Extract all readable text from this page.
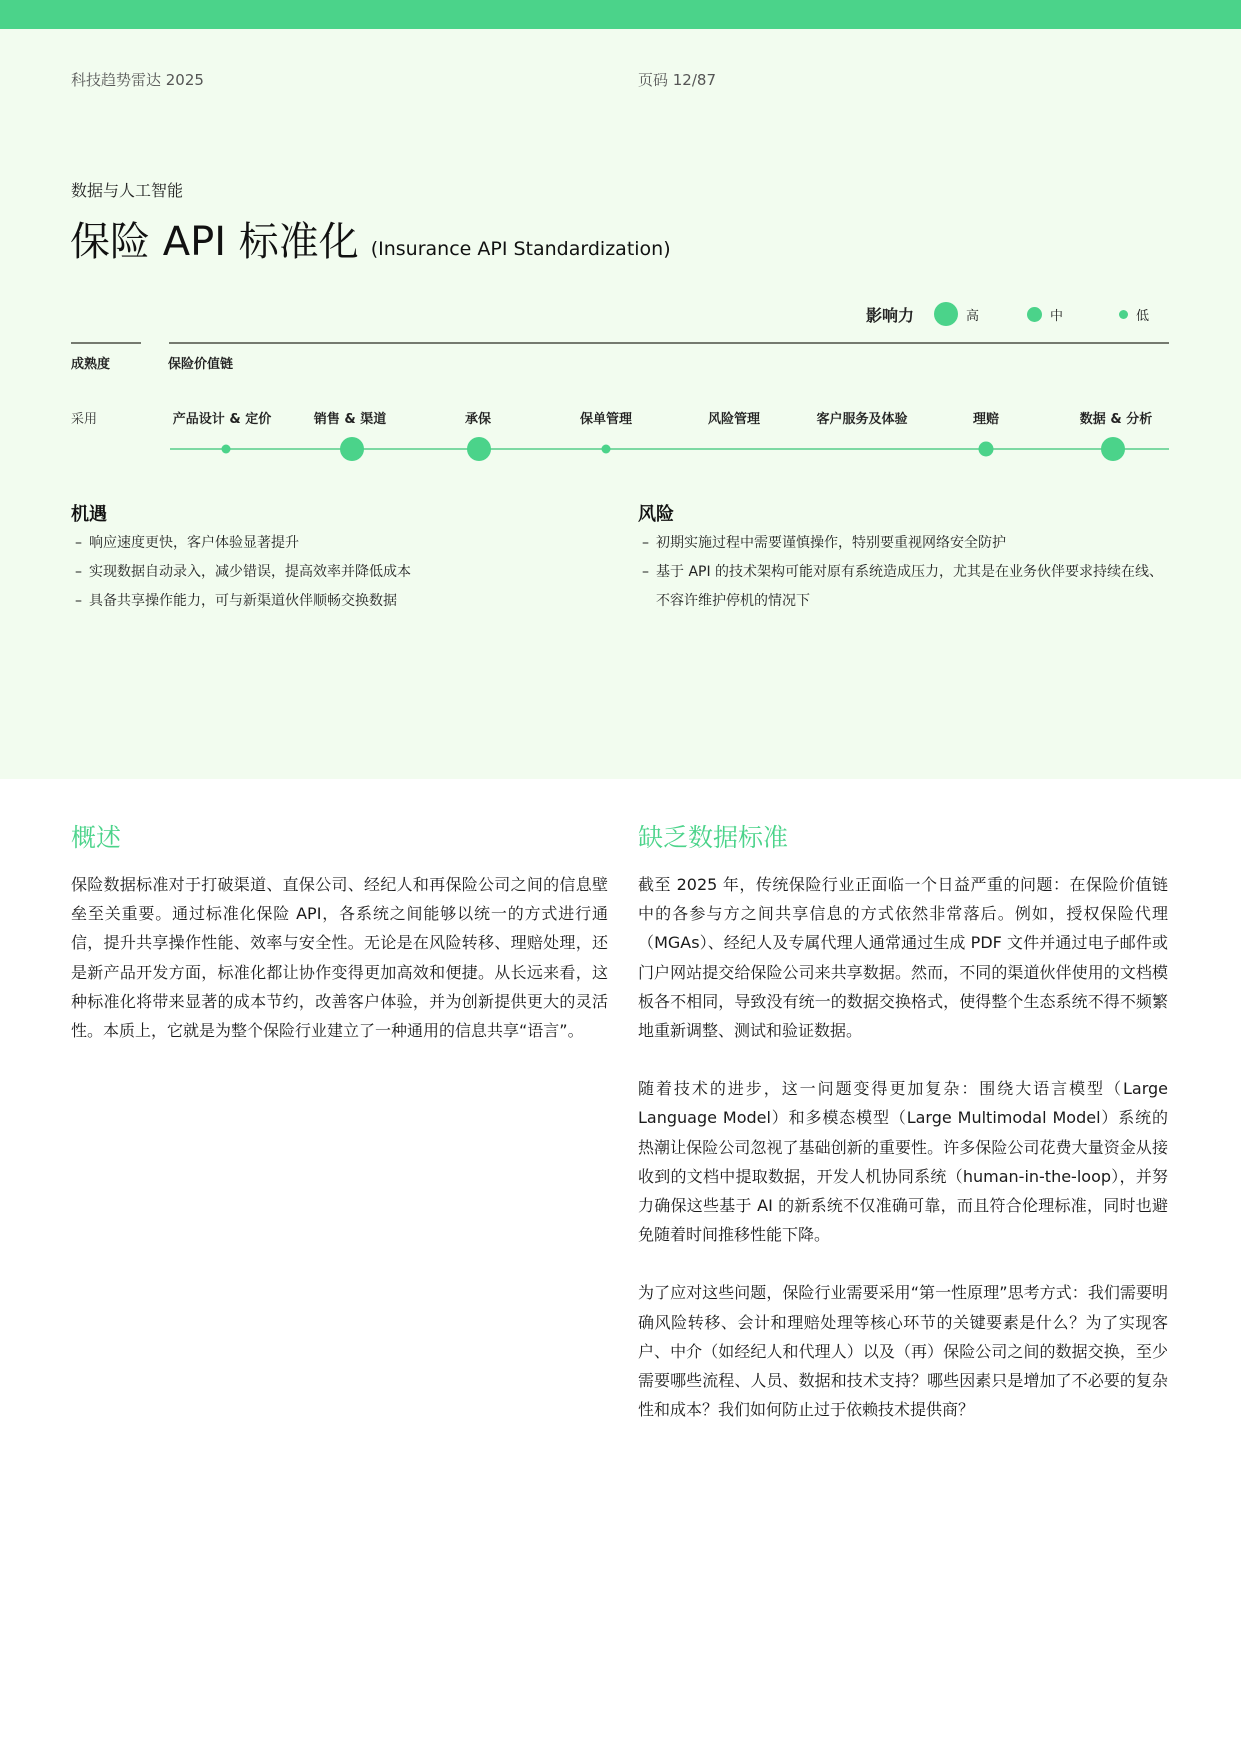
科技趋势雷达 2025	页码 12/87
数据与人工智能
保险 API 标准化 (Insurance API Standardization)
影响力	高	中	低
成熟度	保险价值链
采用	产品设计 & 定价	销售 & 渠道	承保	保单管理	风险管理	客户服务及体验	理赔	数据 & 分析
机遇
– 响应速度更快，客户体验显著提升
– 实现数据自动录入，减少错误，提高效率并降低成本
– 具备共享操作能力，可与新渠道伙伴顺畅交换数据
风险
– 初期实施过程中需要谨慎操作，特别要重视网络安全防护
– 基于 API 的技术架构可能对原有系统造成压力，尤其是在业务伙伴要求持续在线、不容许维护停机的情况下
概述

保险数据标准对于打破渠道、直保公司、经纪人和再保险公司之间的信息壁垒至关重要。通过标准化保险 API，各系统之间能够以统一的方式进行通信，提升共享操作性能、效率与安全性。无论是在风险转移、理赔处理，还是新产品开发方面，标准化都让协作变得更加高效和便捷。从长远来看，这种标准化将带来显著的成本节约，改善客户体验，并为创新提供更大的灵活性。本质上，它就是为整个保险行业建立了一种通用的信息共享“语言”。

缺乏数据标准

截至 2025 年，传统保险行业正面临一个日益严重的问题：在保险价值链中的各参与方之间共享信息的方式依然非常落后。例如，授权保险代理（MGAs）、经纪人及专属代理人通常通过生成 PDF 文件并通过电子邮件或门户网站提交给保险公司来共享数据。然而，不同的渠道伙伴使用的文档模板各不相同，导致没有统一的数据交换格式，使得整个生态系统不得不频繁地重新调整、测试和验证数据。

随着技术的进步，这一问题变得更加复杂：围绕大语言模型（Large Language Model）和多模态模型（Large Multimodal Model）系统的热潮让保险公司忽视了基础创新的重要性。许多保险公司花费大量资金从接收到的文档中提取数据，开发人机协同系统（human-in-the-loop），并努力确保这些基于 AI 的新系统不仅准确可靠，而且符合伦理标准，同时也避免随着时间推移性能下降。

为了应对这些问题，保险行业需要采用“第一性原理”思考方式：我们需要明确风险转移、会计和理赔处理等核心环节的关键要素是什么？为了实现客户、中介（如经纪人和代理人）以及（再）保险公司之间的数据交换，至少需要哪些流程、人员、数据和技术支持？哪些因素只是增加了不必要的复杂性和成本？我们如何防止过于依赖技术提供商？
